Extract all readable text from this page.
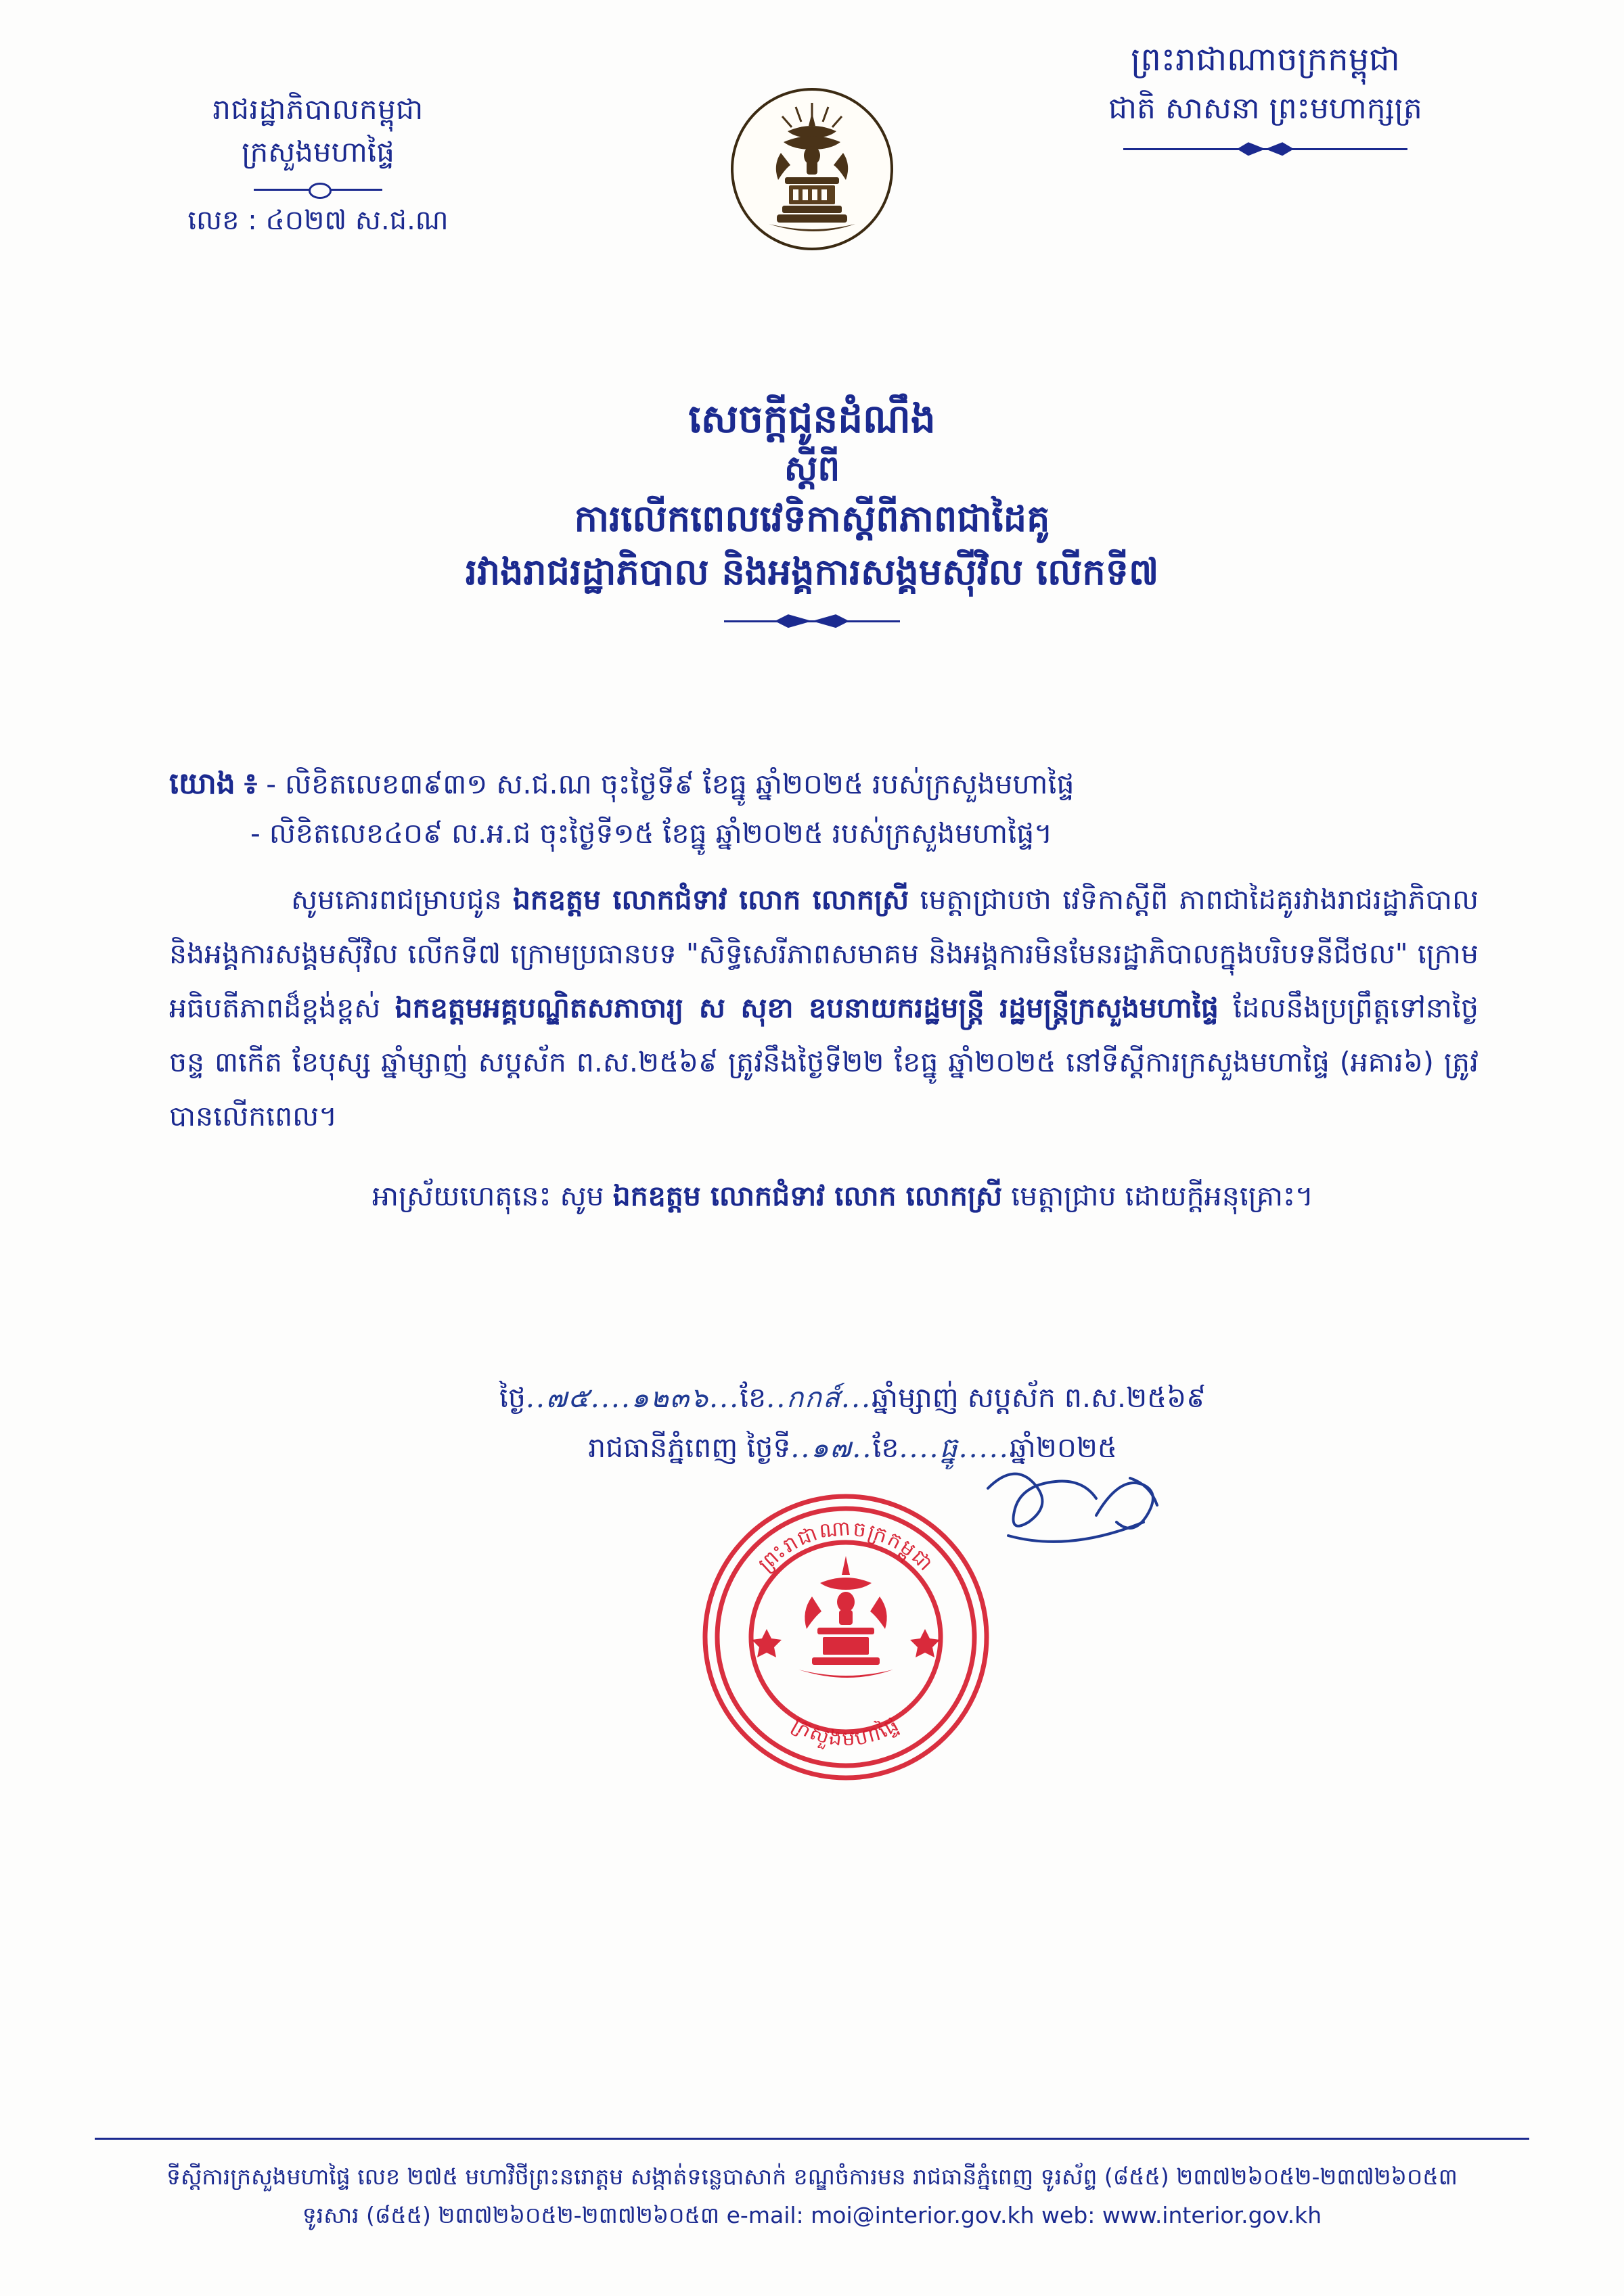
រាជរដ្ឋាភិបាលកម្ពុជា
ក្រសួងមហាផ្ទៃ
លេខ : ៤០២៧ ស.ជ.ណ
ព្រះរាជាណាចក្រកម្ពុជា
ជាតិ សាសនា ព្រះមហាក្សត្រ
សេចក្តីជូនដំណឹង
ស្តីពី
ការលើកពេលវេទិកាស្តីពីភាពជាដៃគូ
រវាងរាជរដ្ឋាភិបាល និងអង្គការសង្គមស៊ីវិល លើកទី៧
យោង ៖ - លិខិតលេខ៣៩៣១ ស.ជ.ណ ចុះថ្ងៃទី៩ ខែធ្នូ ឆ្នាំ២០២៥ របស់ក្រសួងមហាផ្ទៃ
- លិខិតលេខ៤០៩ ល.អ.ជ ចុះថ្ងៃទី១៥ ខែធ្នូ ឆ្នាំ២០២៥ របស់ក្រសួងមហាផ្ទៃ។
សូមគោរពជម្រាបជូន ឯកឧត្តម លោកជំទាវ លោក លោកស្រី មេត្តាជ្រាបថា វេទិកាស្តីពី ភាពជាដៃគូរវាងរាជរដ្ឋាភិបាល និងអង្គការសង្គមស៊ីវិល លើកទី៧ ក្រោមប្រធានបទ "សិទ្ធិសេរីភាពសមាគម និងអង្គការមិនមែនរដ្ឋាភិបាលក្នុងបរិបទនីជីថល" ក្រោមអធិបតីភាពដ៏ខ្ពង់ខ្ពស់ ឯកឧត្តមអគ្គបណ្ឌិតសភាចារ្យ ស សុខា ឧបនាយករដ្ឋមន្ត្រី រដ្ឋមន្ត្រីក្រសួងមហាផ្ទៃ ដែលនឹងប្រព្រឹត្តទៅនាថ្ងៃចន្ទ ៣កើត ខែបុស្ស ឆ្នាំម្សាញ់ សប្តស័ក ព.ស.២៥៦៩ ត្រូវនឹងថ្ងៃទី២២ ខែធ្នូ ឆ្នាំ២០២៥ នៅទីស្តីការក្រសួងមហាផ្ទៃ (អគារ៦) ត្រូវបានលើកពេល។
អាស្រ័យហេតុនេះ សូម ឯកឧត្តម លោកជំទាវ លោក លោកស្រី មេត្តាជ្រាប ដោយក្តីអនុគ្រោះ។
ថ្ងៃ..๗๕....๑๒๓๖...ខែ..กกส์...ឆ្នាំម្សាញ់ សប្តស័ក ព.ស.២៥៦៩
រាជធានីភ្នំពេញ ថ្ងៃទី..๑๗..ខែ....ធ្នូ.....ឆ្នាំ២០២៥
ព្រះរាជាណាចក្រកម្ពុជា
ក្រសួងមហាផ្ទៃ
ទីស្តីការក្រសួងមហាផ្ទៃ លេខ ២៧៥ មហាវិថីព្រះនរោត្តម សង្កាត់ទន្លេបាសាក់ ខណ្ឌចំការមន រាជធានីភ្នំពេញ ទូរស័ព្ទ (៨៥៥) ២៣៧២៦០៥២-២៣៧២៦០៥៣
ទូរសារ (៨៥៥) ២៣៧២៦០៥២-២៣៧២៦០៥៣ e-mail: moi@interior.gov.kh web: www.interior.gov.kh
